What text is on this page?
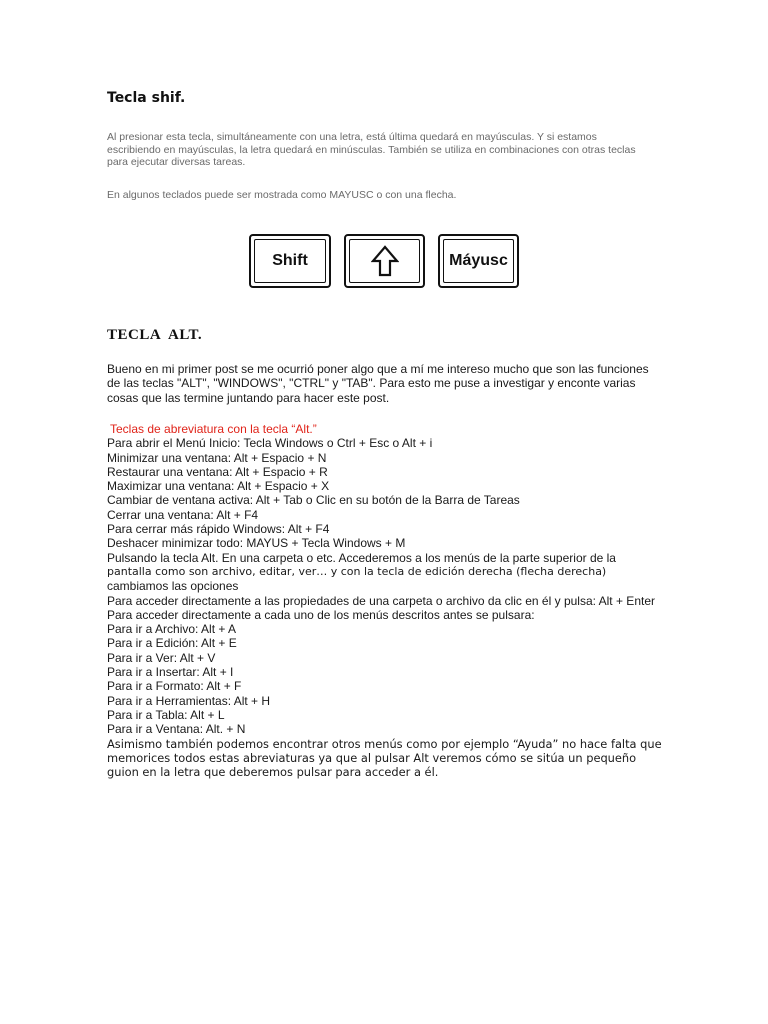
Tecla shif.

Al presionar esta tecla, simultáneamente con una letra, está última quedará en mayúsculas. Y si estamos escribiendo en mayúsculas, la letra quedará en minúsculas. También se utiliza en combinaciones con otras teclas para ejecutar diversas tareas.

En algunos teclados puede ser mostrada como MAYUSC o con una flecha.

Shift	Máyusc
TECLA  ALT.

Bueno en mi primer post se me ocurrió poner algo que a mí me intereso mucho que son las funciones de las teclas "ALT", "WINDOWS", "CTRL" y "TAB". Para esto me puse a investigar y enconte varias cosas que las termine juntando para hacer este post.

Teclas de abreviatura con la tecla “Alt.”
Para abrir el Menú Inicio: Tecla Windows o Ctrl + Esc o Alt + i
Minimizar una ventana: Alt + Espacio + N
Restaurar una ventana: Alt + Espacio + R
Maximizar una ventana: Alt + Espacio + X
Cambiar de ventana activa: Alt + Tab o Clic en su botón de la Barra de Tareas
Cerrar una ventana: Alt + F4
Para cerrar más rápido Windows: Alt + F4
Deshacer minimizar todo: MAYUS + Tecla Windows + M
Pulsando la tecla Alt. En una carpeta o etc. Accederemos a los menús de la parte superior de la
pantalla como son archivo, editar, ver… y con la tecla de edición derecha (flecha derecha)
cambiamos las opciones
Para acceder directamente a las propiedades de una carpeta o archivo da clic en él y pulsa: Alt + Enter
Para acceder directamente a cada uno de los menús descritos antes se pulsara:
Para ir a Archivo: Alt + A
Para ir a Edición: Alt + E
Para ir a Ver: Alt + V
Para ir a Insertar: Alt + I
Para ir a Formato: Alt + F
Para ir a Herramientas: Alt + H
Para ir a Tabla: Alt + L
Para ir a Ventana: Alt. + N
Asimismo también podemos encontrar otros menús como por ejemplo “Ayuda” no hace falta que memorices todos estas abreviaturas ya que al pulsar Alt veremos cómo se sitúa un pequeño guion en la letra que deberemos pulsar para acceder a él.
